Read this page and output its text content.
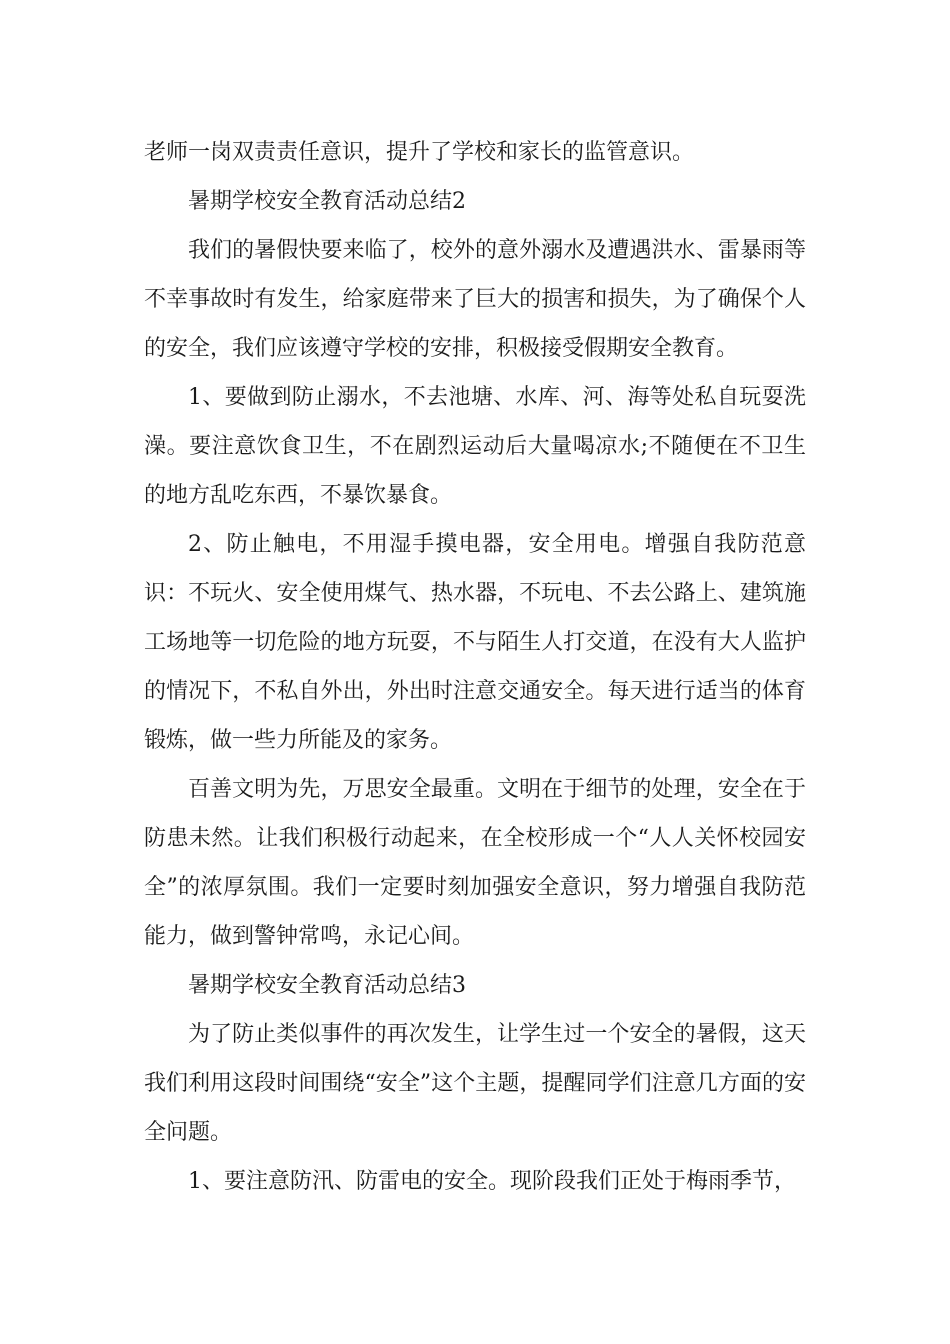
老师一岗双责责任意识，提升了学校和家长的监管意识。

暑期学校安全教育活动总结2

我们的暑假快要来临了，校外的意外溺水及遭遇洪水、雷暴雨等不幸事故时有发生，给家庭带来了巨大的损害和损失，为了确保个人的安全，我们应该遵守学校的安排，积极接受假期安全教育。

1、要做到防止溺水，不去池塘、水库、河、海等处私自玩耍洗澡。要注意饮食卫生，不在剧烈运动后大量喝凉水;不随便在不卫生的地方乱吃东西，不暴饮暴食。

2、防止触电，不用湿手摸电器，安全用电。增强自我防范意识：不玩火、安全使用煤气、热水器，不玩电、不去公路上、建筑施工场地等一切危险的地方玩耍，不与陌生人打交道，在没有大人监护的情况下，不私自外出，外出时注意交通安全。每天进行适当的体育锻炼，做一些力所能及的家务。

百善文明为先，万思安全最重。文明在于细节的处理，安全在于防患未然。让我们积极行动起来，在全校形成一个“人人关怀校园安全”的浓厚氛围。我们一定要时刻加强安全意识，努力增强自我防范能力，做到警钟常鸣，永记心间。

暑期学校安全教育活动总结3

为了防止类似事件的再次发生，让学生过一个安全的暑假，这天我们利用这段时间围绕“安全”这个主题，提醒同学们注意几方面的安全问题。

1、要注意防汛、防雷电的安全。现阶段我们正处于梅雨季节，
